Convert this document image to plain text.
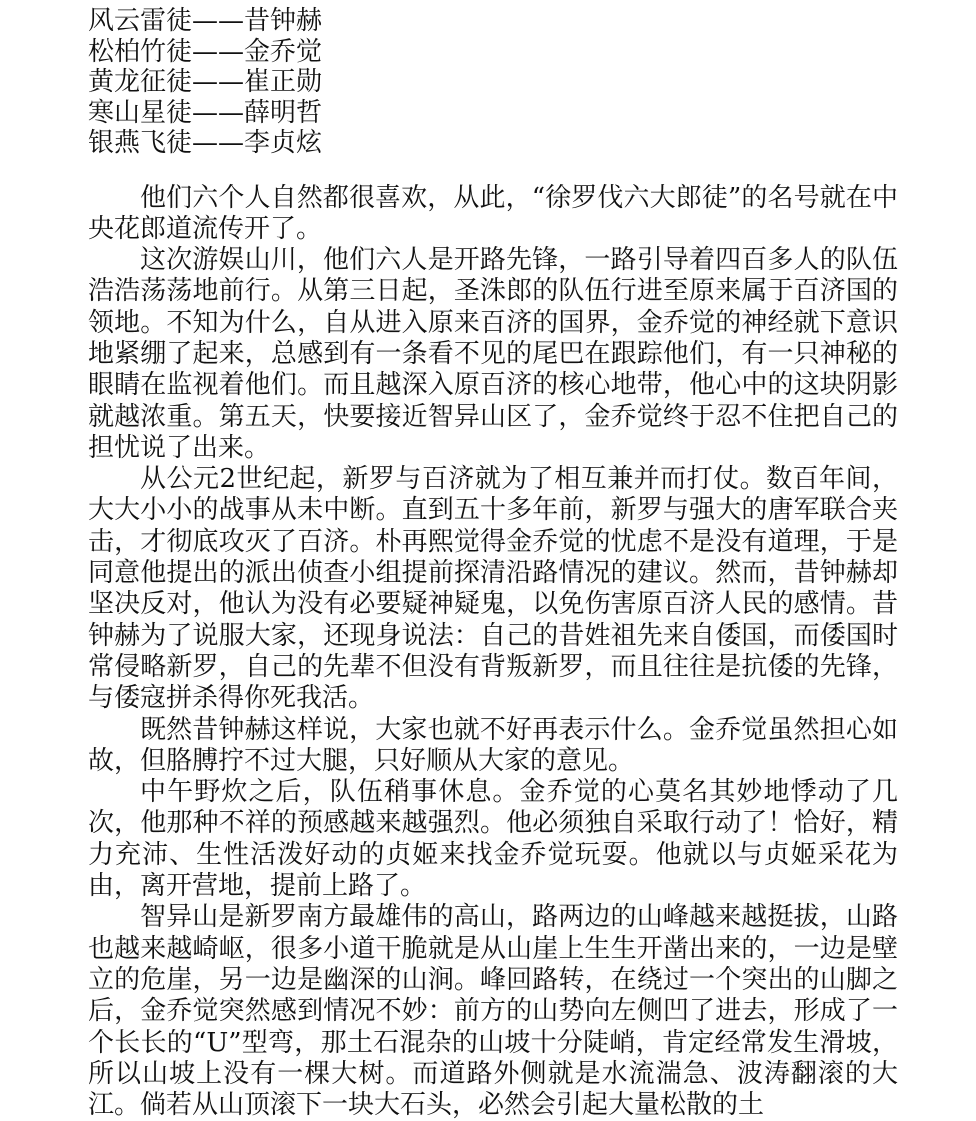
风云雷徒——昔钟赫
松柏竹徒——金乔觉
黄龙征徒——崔正勋
寒山星徒——薛明哲
银燕飞徒——李贞炫

他们六个人自然都很喜欢，从此，“徐罗伐六大郎徒”的名号就在中央花郎道流传开了。

这次游娱山川，他们六人是开路先锋，一路引导着四百多人的队伍浩浩荡荡地前行。从第三日起，圣洙郎的队伍行进至原来属于百济国的领地。不知为什么，自从进入原来百济的国界，金乔觉的神经就下意识地紧绷了起来，总感到有一条看不见的尾巴在跟踪他们，有一只神秘的眼睛在监视着他们。而且越深入原百济的核心地带，他心中的这块阴影就越浓重。第五天，快要接近智异山区了，金乔觉终于忍不住把自己的担忧说了出来。

从公元2世纪起，新罗与百济就为了相互兼并而打仗。数百年间，大大小小的战事从未中断。直到五十多年前，新罗与强大的唐军联合夹击，才彻底攻灭了百济。朴再熙觉得金乔觉的忧虑不是没有道理，于是同意他提出的派出侦查小组提前探清沿路情况的建议。然而，昔钟赫却坚决反对，他认为没有必要疑神疑鬼，以免伤害原百济人民的感情。昔钟赫为了说服大家，还现身说法：自己的昔姓祖先来自倭国，而倭国时常侵略新罗，自己的先辈不但没有背叛新罗，而且往往是抗倭的先锋，与倭寇拼杀得你死我活。

既然昔钟赫这样说，大家也就不好再表示什么。金乔觉虽然担心如故，但胳膊拧不过大腿，只好顺从大家的意见。

中午野炊之后，队伍稍事休息。金乔觉的心莫名其妙地悸动了几次，他那种不祥的预感越来越强烈。他必须独自采取行动了！恰好，精力充沛、生性活泼好动的贞姬来找金乔觉玩耍。他就以与贞姬采花为由，离开营地，提前上路了。

智异山是新罗南方最雄伟的高山，路两边的山峰越来越挺拔，山路也越来越崎岖，很多小道干脆就是从山崖上生生开凿出来的，一边是壁立的危崖，另一边是幽深的山涧。峰回路转，在绕过一个突出的山脚之后，金乔觉突然感到情况不妙：前方的山势向左侧凹了进去，形成了一个长长的“U”型弯，那土石混杂的山坡十分陡峭，肯定经常发生滑坡，所以山坡上没有一棵大树。而道路外侧就是水流湍急、波涛翻滚的大江。倘若从山顶滚下一块大石头，必然会引起大量松散的土
